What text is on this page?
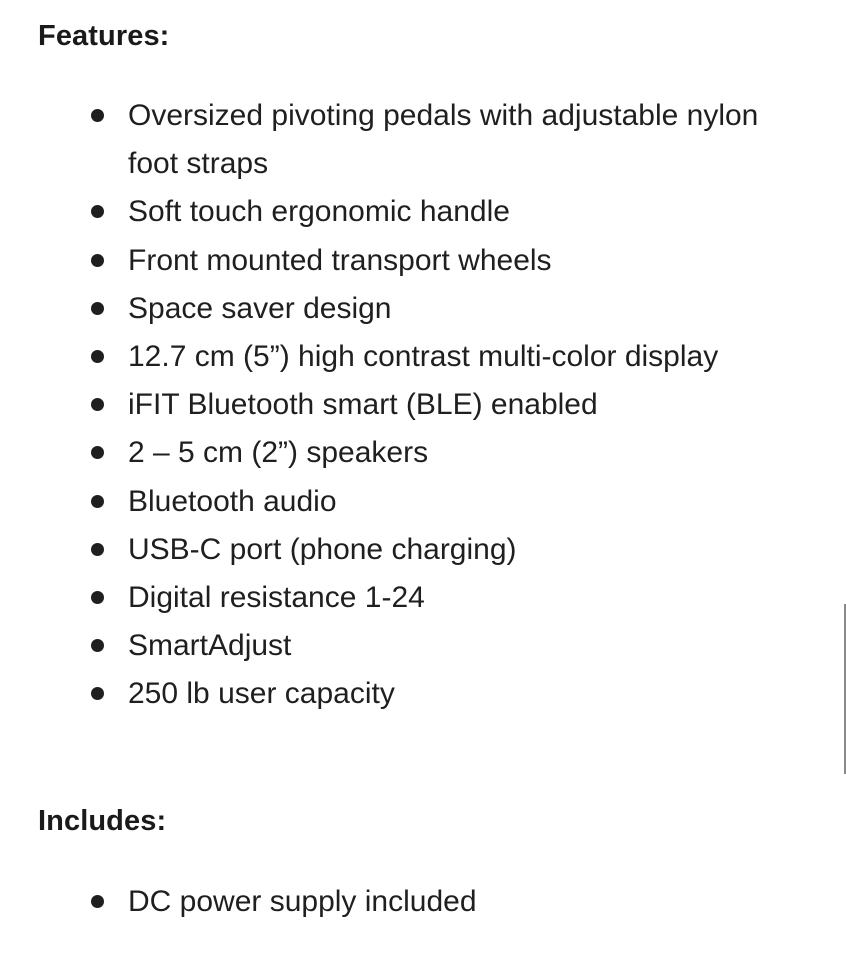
Features:
Oversized pivoting pedals with adjustable nylon foot straps
Soft touch ergonomic handle
Front mounted transport wheels
Space saver design
12.7 cm (5”) high contrast multi-color display
iFIT Bluetooth smart (BLE) enabled
2 – 5 cm (2”) speakers
Bluetooth audio
USB-C port (phone charging)
Digital resistance 1-24
SmartAdjust
250 lb user capacity
Includes:
DC power supply included
